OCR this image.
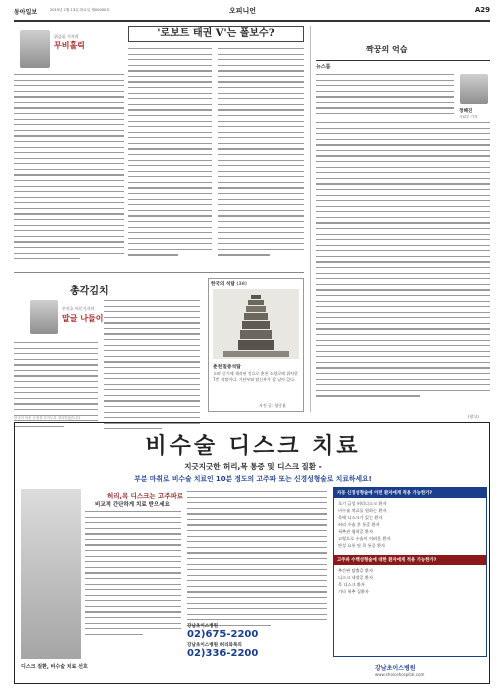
동아일보	2015년 1월 13일 화요일 제00000호	오피니언	A29
위즐룸 기자의
무비홀릭
'로보트 태권 V'는 폴보수?
짝꿍의 억습
뉴스룸
정혜진
사회부 기자
총각김치
손진호 어문기자의
말글 나들이
한국의 석탑 (38)
춘천칠층석탑
고려 중기에 제작된 것으로 춘천 소양로에 위치한 7층 석탑이다. 기단부와 탑신부가 잘 남아 있다.
사진 글: 양중훈
한국어 어문 규정을 지키도록 정리하였습니다	(광고)
비수술 디스크 치료
지긋지긋한 허리,목 통증 및 디스크 질환 -
부분 마취로 비수술 치료인 10분 정도의 고주파 또는 신경성형술로 치료하세요!
허리,목 디스크는 고주파로
비교적 간단하게 치료 받으세요
강남초이스병원
02)675-2200
강남초이스병원 허리와목의
02)336-2200
디스크 질환, 비수술 치료 선호
자동 신경성형술에 이런 환자에게 적용 가능한가?
초기 급성 허리디스크 환자
비수술 치료를 원하는 환자
목에 디스크가 있는 환자
허리 수술 후 통증 환자
척추관 협착증 환자
고령으로 수술이 어려운 환자
만성 요통 및 목 통증 환자
고주파 수핵성형술에 대한 환자에게 적용 가능한가?
추간판 탈출증 환자
디스크 내장증 환자
목 디스크 환자
기타 척추 질환자
강남초이스병원
www.choicehospital.com
